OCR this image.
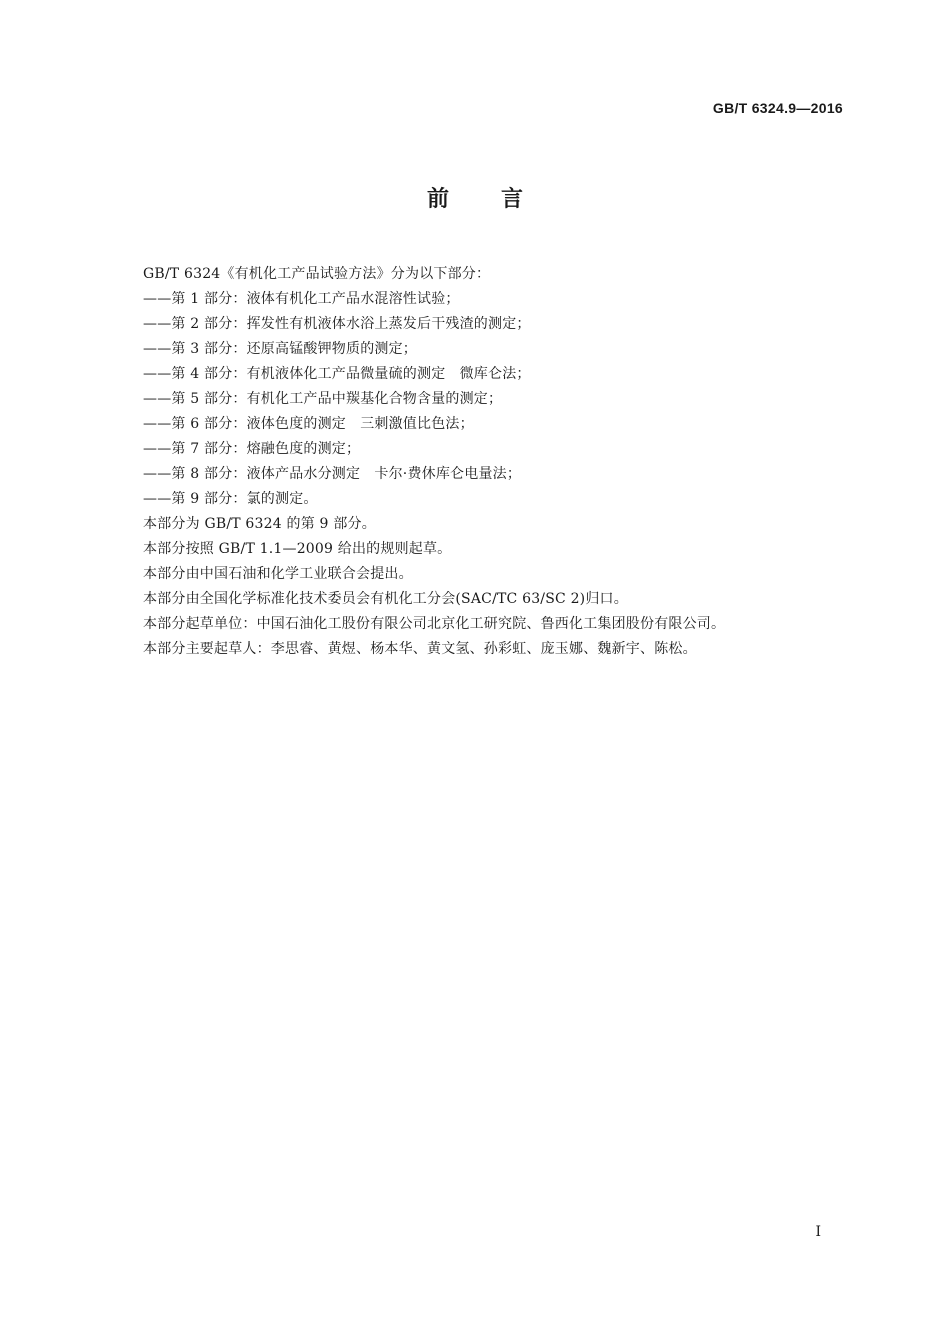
GB/T 6324.9—2016
前言

GB/T 6324《有机化工产品试验方法》分为以下部分：

——第 1 部分：液体有机化工产品水混溶性试验；

——第 2 部分：挥发性有机液体水浴上蒸发后干残渣的测定；

——第 3 部分：还原高锰酸钾物质的测定；

——第 4 部分：有机液体化工产品微量硫的测定　微库仑法；

——第 5 部分：有机化工产品中羰基化合物含量的测定；

——第 6 部分：液体色度的测定　三刺激值比色法；

——第 7 部分：熔融色度的测定；

——第 8 部分：液体产品水分测定　卡尔·费休库仑电量法；

——第 9 部分：氯的测定。

本部分为 GB/T 6324 的第 9 部分。

本部分按照 GB/T 1.1—2009 给出的规则起草。

本部分由中国石油和化学工业联合会提出。

本部分由全国化学标准化技术委员会有机化工分会(SAC/TC 63/SC 2)归口。

本部分起草单位：中国石油化工股份有限公司北京化工研究院、鲁西化工集团股份有限公司。

本部分主要起草人：李思睿、黄煜、杨本华、黄文氢、孙彩虹、庞玉娜、魏新宇、陈松。

I
